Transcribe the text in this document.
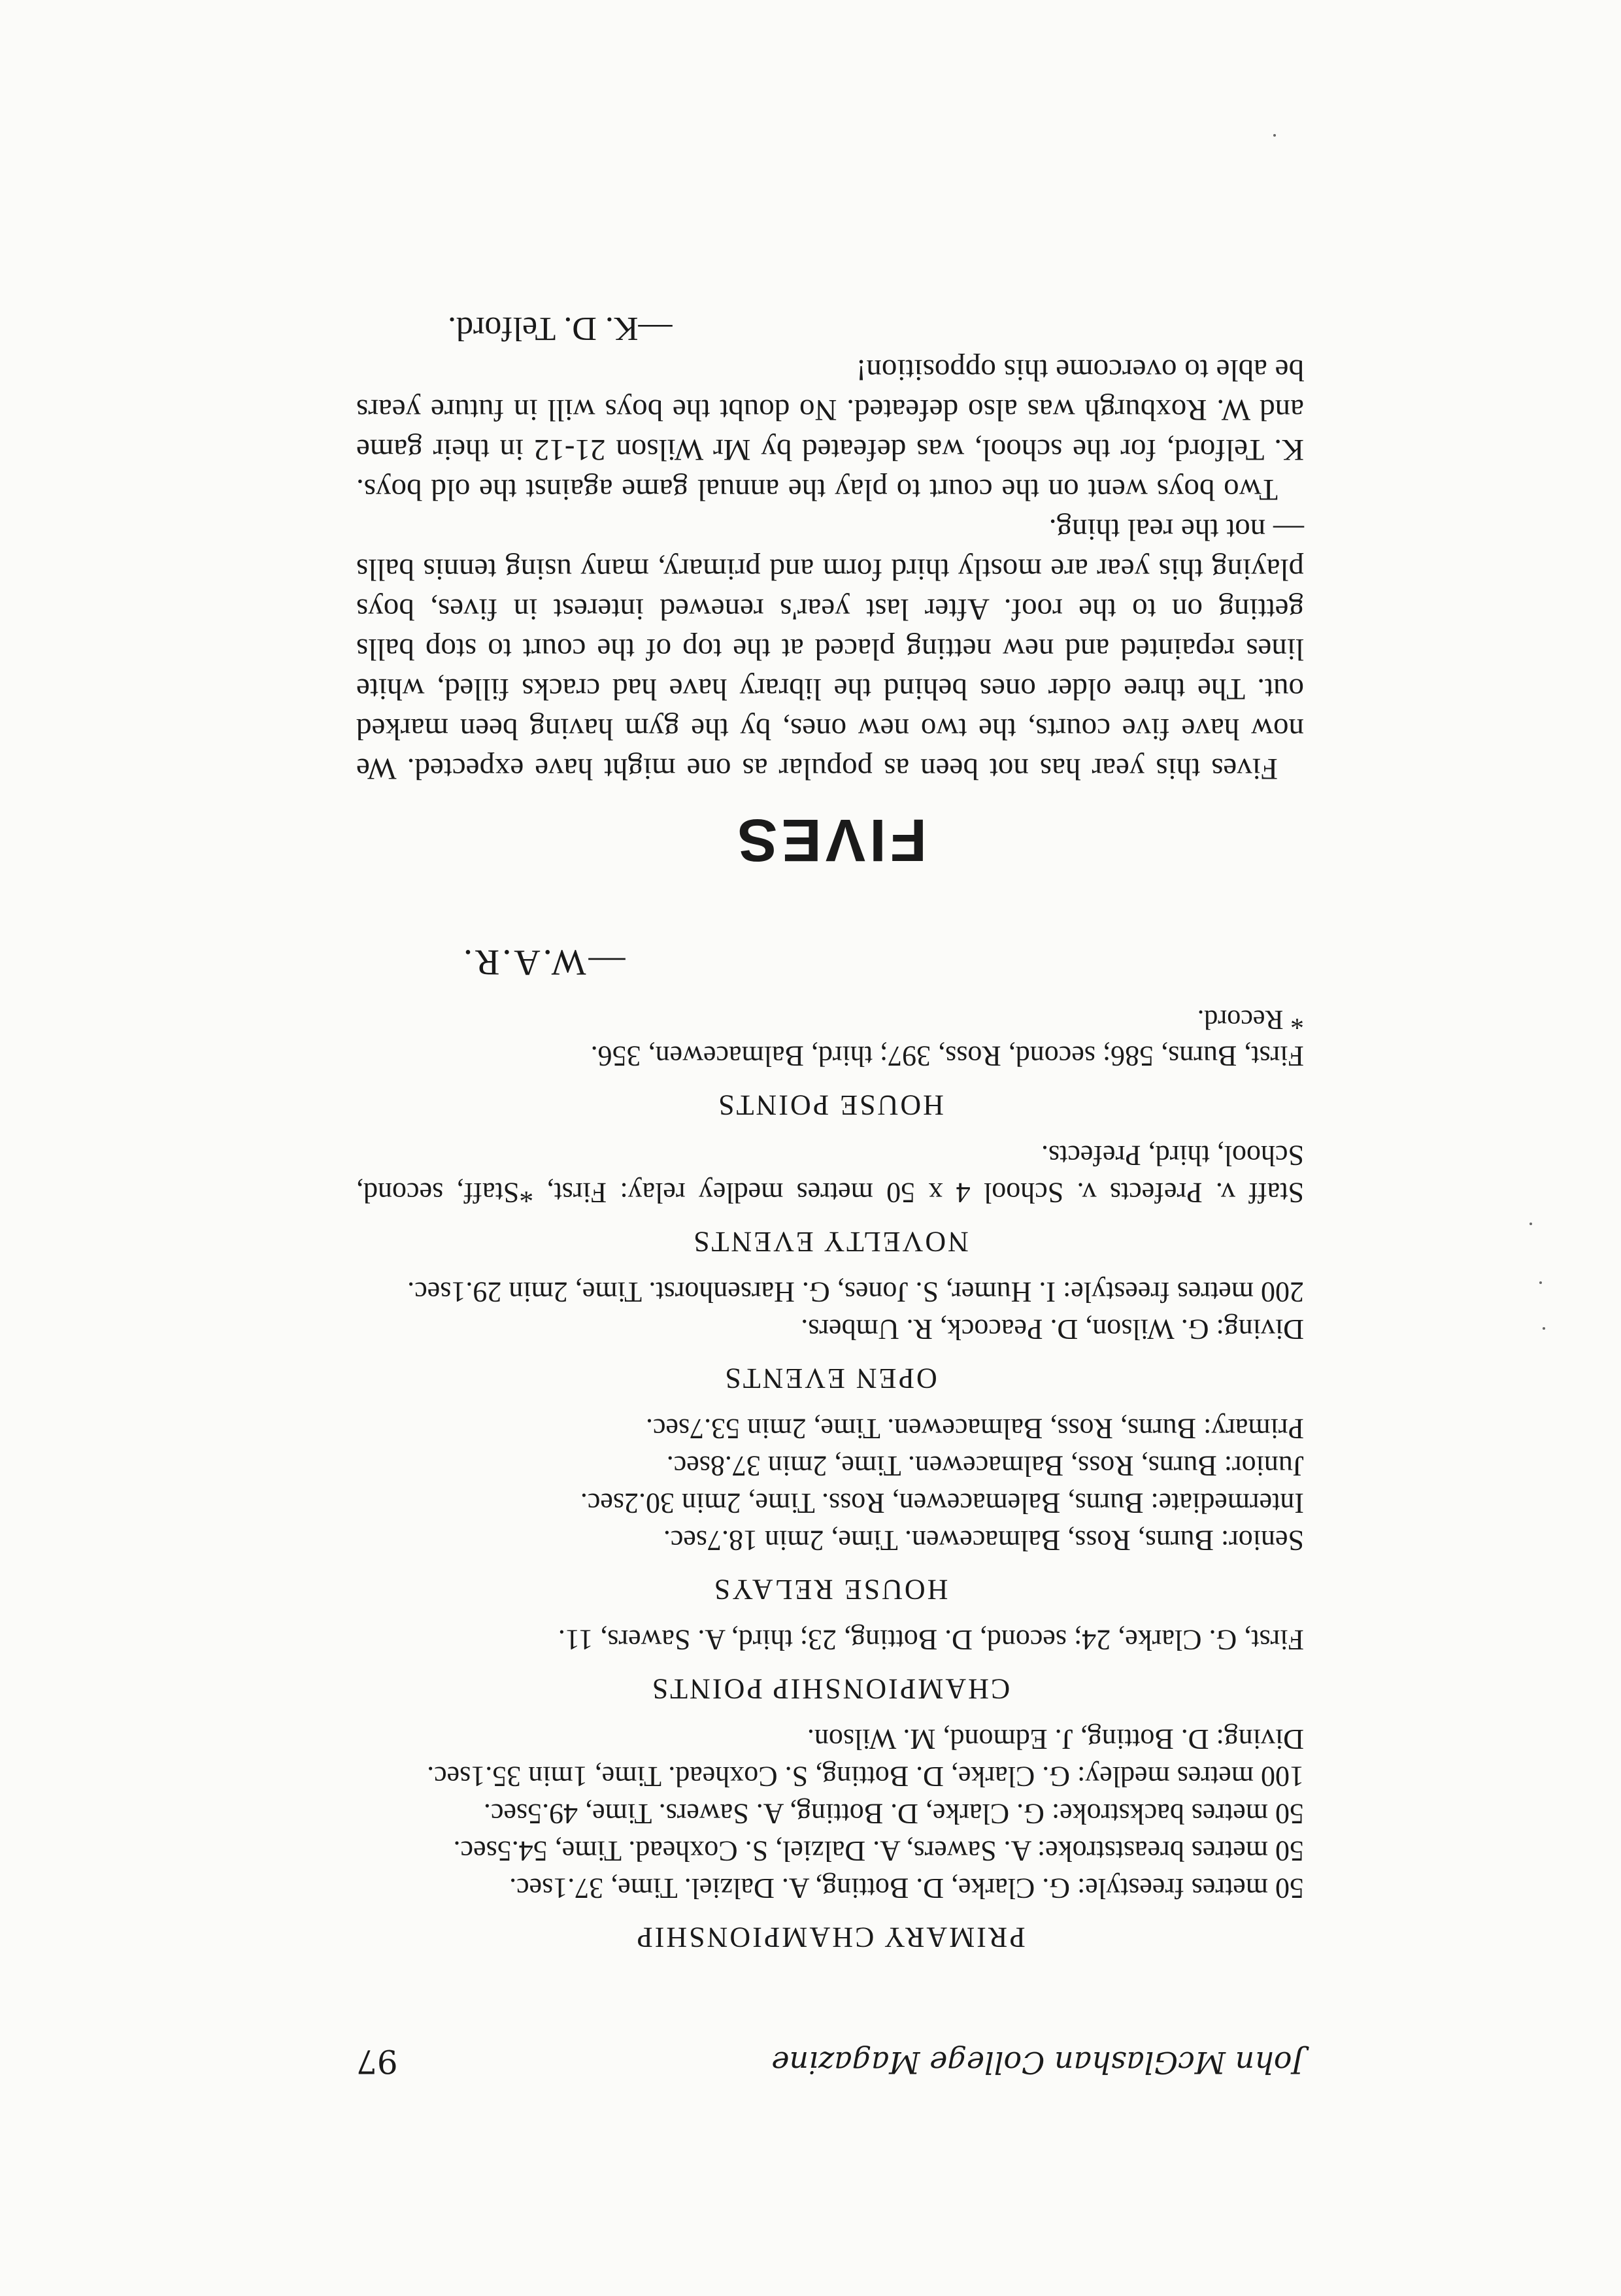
John McGlashan College Magazine
97
PRIMARY CHAMPIONSHIP

50 metres freestyle: G. Clarke, D. Botting, A. Dalziel. Time, 37.1sec.

50 metres breaststroke: A. Sawers, A. Dalziel, S. Coxhead. Time, 54.5sec.

50 metres backstroke: G. Clarke, D. Botting, A. Sawers. Time, 49.5sec.

100 metres medley: G. Clarke, D. Botting, S. Coxhead. Time, 1min 35.1sec.

Diving: D. Botting, J. Edmond, M. Wilson.

CHAMPIONSHIP POINTS

First, G. Clarke, 24; second, D. Botting, 23; third, A. Sawers, 11.

HOUSE RELAYS

Senior: Burns, Ross, Balmacewen. Time, 2min 18.7sec.

Intermediate: Burns, Balemacewen, Ross. Time, 2min 30.2sec.

Junior: Burns, Ross, Balmacewen. Time, 2min 37.8sec.

Primary: Burns, Ross, Balmacewen. Time, 2min 53.7sec.

OPEN EVENTS

Diving: G. Wilson, D. Peacock, R. Umbers.

200 metres freestyle: I. Humer, S. Jones, G. Harsenhorst. Time, 2min 29.1sec.

NOVELTY EVENTS

Staff v. Prefects v. School 4 x 50 metres medley relay: First, *Staff, second, School, third, Prefects.

HOUSE POINTS

First, Burns, 586; second, Ross, 397; third, Balmacewen, 356.

* Record.

—W.A.R.
FIVES

Fives this year has not been as popular as one might have expected. We now have five courts, the two new ones, by the gym having been marked out. The three older ones behind the library have had cracks filled, white lines repainted and new netting placed at the top of the court to stop balls getting on to the roof. After last year's renewed interest in fives, boys playing this year are mostly third form and primary, many using tennis balls — not the real thing.

Two boys went on the court to play the annual game against the old boys. K. Telford, for the school, was defeated by Mr Wilson 21-12 in their game and W. Roxburgh was also defeated. No doubt the boys will in future years be able to overcome this opposition!

—K. D. Telford.
